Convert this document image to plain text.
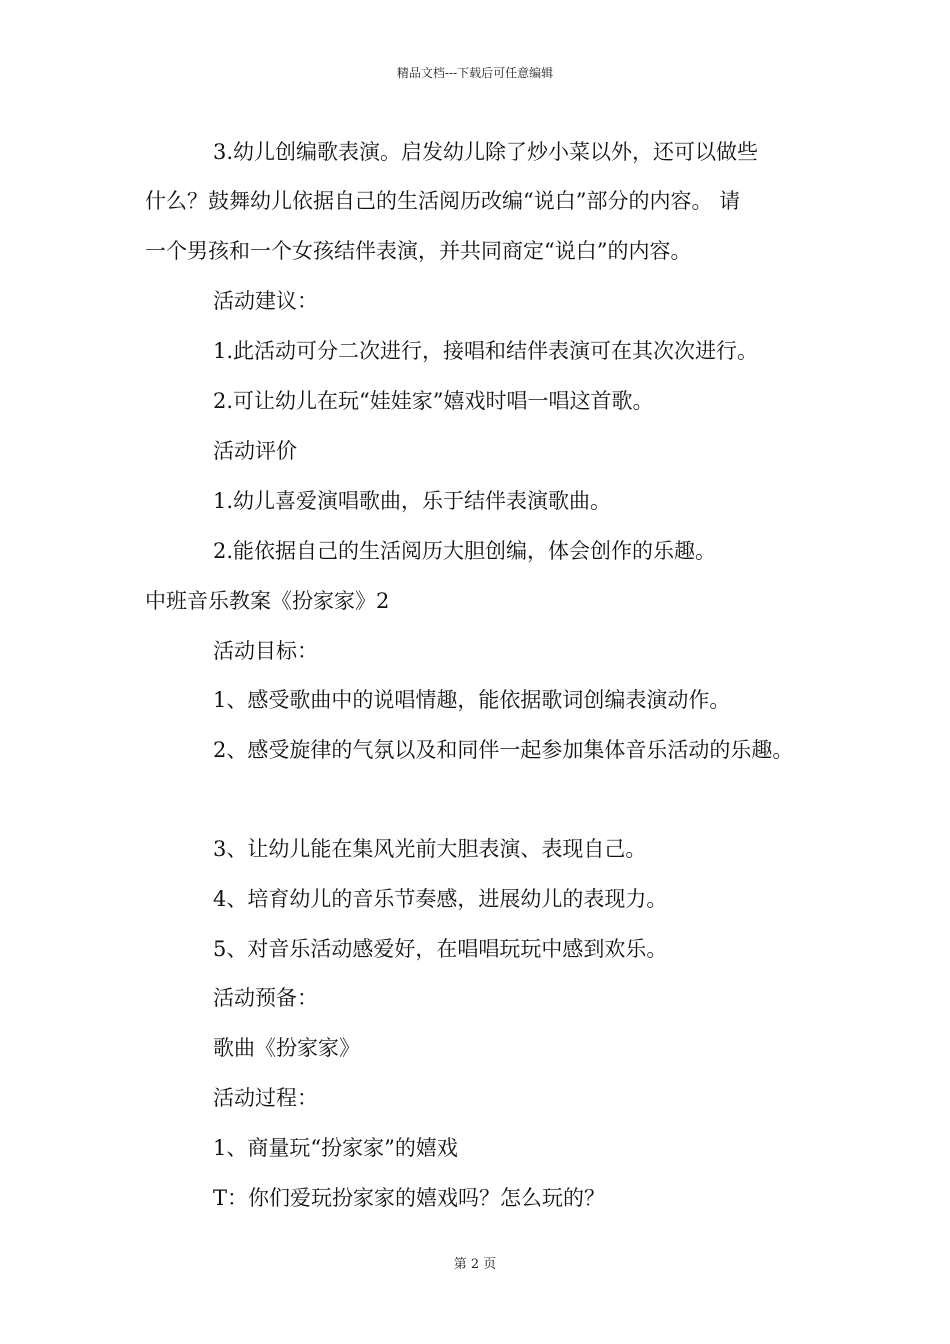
精品文档---下载后可任意编辑
3.幼儿创编歌表演。启发幼儿除了炒小菜以外，还可以做些
什么？鼓舞幼儿依据自己的生活阅历改编“说白”部分的内容。 请
一个男孩和一个女孩结伴表演，并共同商定“说白”的内容。
活动建议：
1.此活动可分二次进行，接唱和结伴表演可在其次次进行。
2.可让幼儿在玩“娃娃家”嬉戏时唱一唱这首歌。
活动评价
1.幼儿喜爱演唱歌曲，乐于结伴表演歌曲。
2.能依据自己的生活阅历大胆创编，体会创作的乐趣。
中班音乐教案《扮家家》2
活动目标：
1、感受歌曲中的说唱情趣，能依据歌词创编表演动作。
2、感受旋律的气氛以及和同伴一起参加集体音乐活动的乐趣。
3、让幼儿能在集风光前大胆表演、表现自己。
4、培育幼儿的音乐节奏感，进展幼儿的表现力。
5、对音乐活动感爱好，在唱唱玩玩中感到欢乐。
活动预备：
歌曲《扮家家》
活动过程：
1、商量玩“扮家家”的嬉戏
T：你们爱玩扮家家的嬉戏吗？怎么玩的？
第 2 页
